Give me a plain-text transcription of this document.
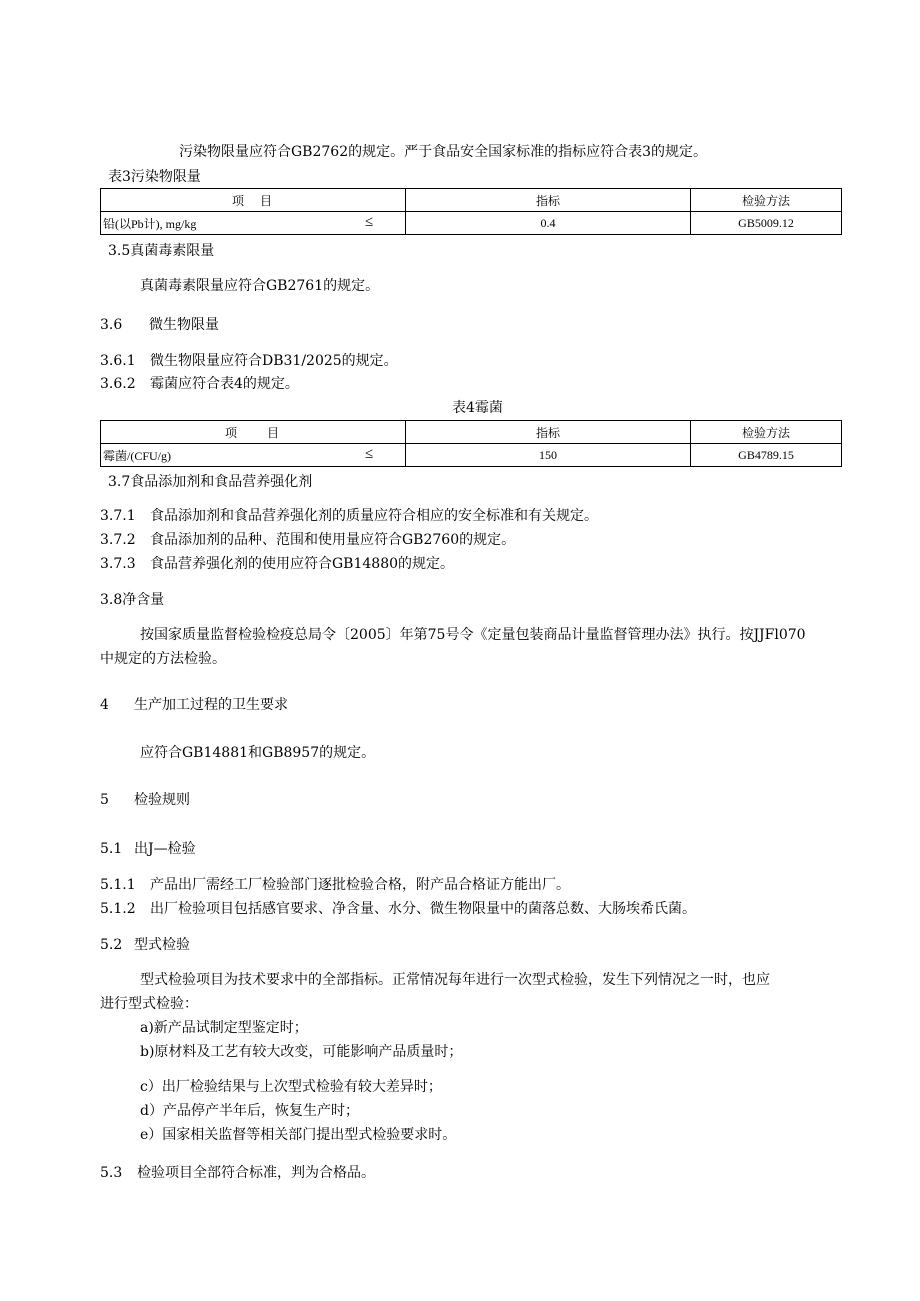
污染物限量应符合GB2762的规定。严于食品安全国家标准的指标应符合表3的规定。
表3污染物限量
项　目	指标	检验方法
铅(以Pb计), mg/kg ≤	0.4	GB5009.12
3.5真菌毒素限量
真菌毒素限量应符合GB2761的规定。
3.6 微生物限量
3.6.1 微生物限量应符合DB31/2025的规定。
3.6.2 霉菌应符合表4的规定。
表4霉菌
项　　目	指标	检验方法
霉菌/(CFU/g) ≤	150	GB4789.15
3.7食品添加剂和食品营养强化剂
3.7.1 食品添加剂和食品营养强化剂的质量应符合相应的安全标准和有关规定。
3.7.2 食品添加剂的品种、范围和使用量应符合GB2760的规定。
3.7.3 食品营养强化剂的使用应符合GB14880的规定。
3.8净含量
按国家质量监督检验检疫总局令〔2005〕年第75号令《定量包装商品计量监督管理办法》执行。按JJFl070
中规定的方法检验。
4 生产加工过程的卫生要求
应符合GB14881和GB8957的规定。
5 检验规则
5.1 出J—检验
5.1.1 产品出厂需经工厂检验部门逐批检验合格，附产品合格证方能出厂。
5.1.2 出厂检验项目包括感官要求、净含量、水分、微生物限量中的菌落总数、大肠埃希氏菌。
5.2 型式检验
型式检验项目为技术要求中的全部指标。正常情况每年进行一次型式检验，发生下列情况之一时，也应
进行型式检验：
a)新产品试制定型鉴定时；
b)原材料及工艺有较大改变，可能影响产品质量时；
c）出厂检验结果与上次型式检验有较大差异时；
d）产品停产半年后，恢复生产时；
e）国家相关监督等相关部门提出型式检验要求时。
5.3 检验项目全部符合标准，判为合格品。
